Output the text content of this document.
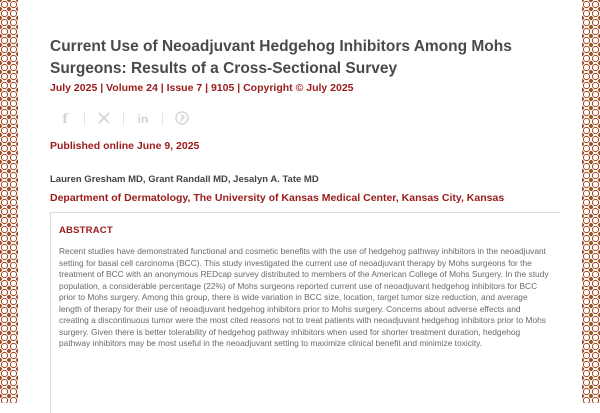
Current Use of Neoadjuvant Hedgehog Inhibitors Among Mohs Surgeons: Results of a Cross-Sectional Survey
July 2025 | Volume 24 | Issue 7 | 9105 | Copyright © July 2025
f	in
Published online June 9, 2025
Lauren Gresham MD, Grant Randall MD, Jesalyn A. Tate MD
Department of Dermatology, The University of Kansas Medical Center, Kansas City, Kansas
ABSTRACT

Recent studies have demonstrated functional and cosmetic benefits with the use of hedgehog pathway inhibitors in the neoadjuvant setting for basal cell carcinoma (BCC). This study investigated the current use of neoadjuvant therapy by Mohs surgeons for the treatment of BCC with an anonymous REDcap survey distributed to members of the American College of Mohs Surgery. In the study population, a considerable percentage (22%) of Mohs surgeons reported current use of neoadjuvant hedgehog inhibitors for BCC prior to Mohs surgery. Among this group, there is wide variation in BCC size, location, target tumor size reduction, and average length of therapy for their use of neoadjuvant hedgehog inhibitors prior to Mohs surgery. Concerns about adverse effects and creating a discontinuous tumor were the most cited reasons not to treat patients with neoadjuvant hedgehog inhibitors prior to Mohs surgery. Given there is better tolerability of hedgehog pathway inhibitors when used for shorter treatment duration, hedgehog pathway inhibitors may be most useful in the neoadjuvant setting to maximize clinical benefit and minimize toxicity.
